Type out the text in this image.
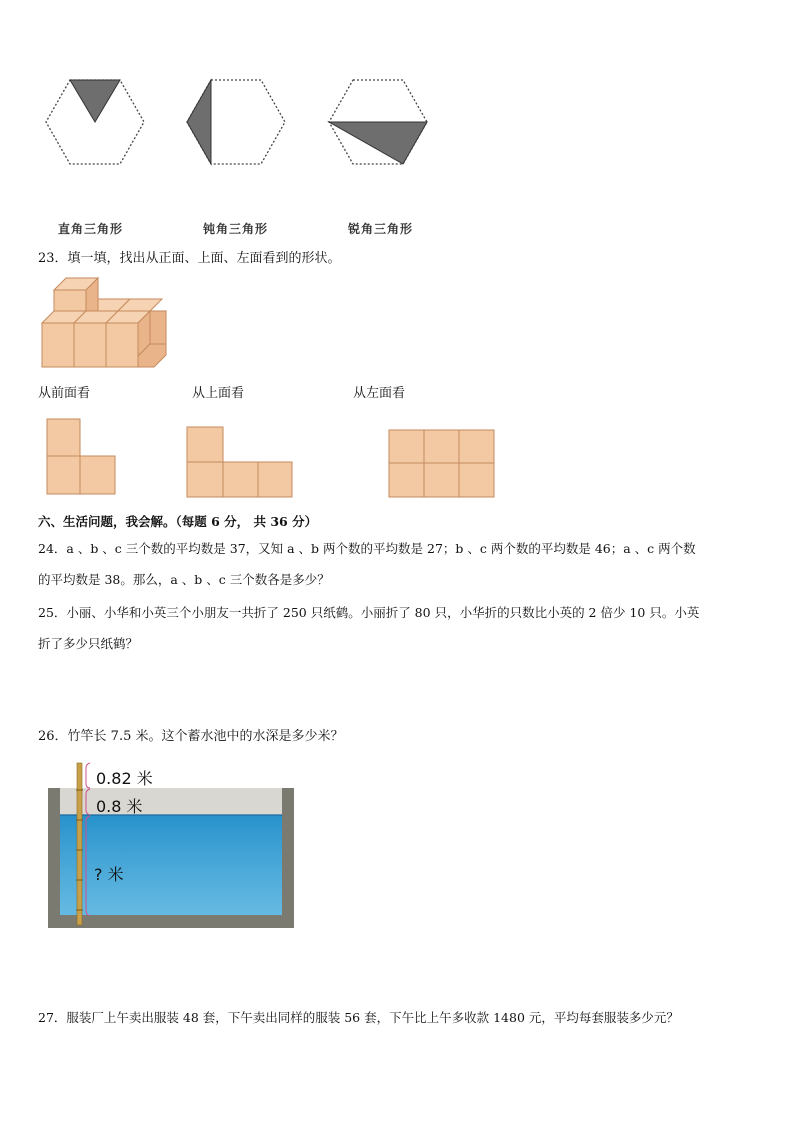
直角三角形	钝角三角形	锐角三角形
23．填一填，找出从正面、上面、左面看到的形状。
从前面看	从上面看	从左面看
六、生活问题，我会解。（每题 6 分， 共 36 分）
24．a 、b 、c 三个数的平均数是 37，又知 a 、b 两个数的平均数是 27；b 、c 两个数的平均数是 46；a 、c 两个数
的平均数是 38。那么，a 、b 、c 三个数各是多少？
25．小丽、小华和小英三个小朋友一共折了 250 只纸鹤。小丽折了 80 只，小华折的只数比小英的 2 倍少 10 只。小英
折了多少只纸鹤？
26．竹竿长 7.5 米。这个蓄水池中的水深是多少米？
0.82 米
0.8 米
? 米
27．服装厂上午卖出服装 48 套，下午卖出同样的服装 56 套，下午比上午多收款 1480 元，平均每套服装多少元？
